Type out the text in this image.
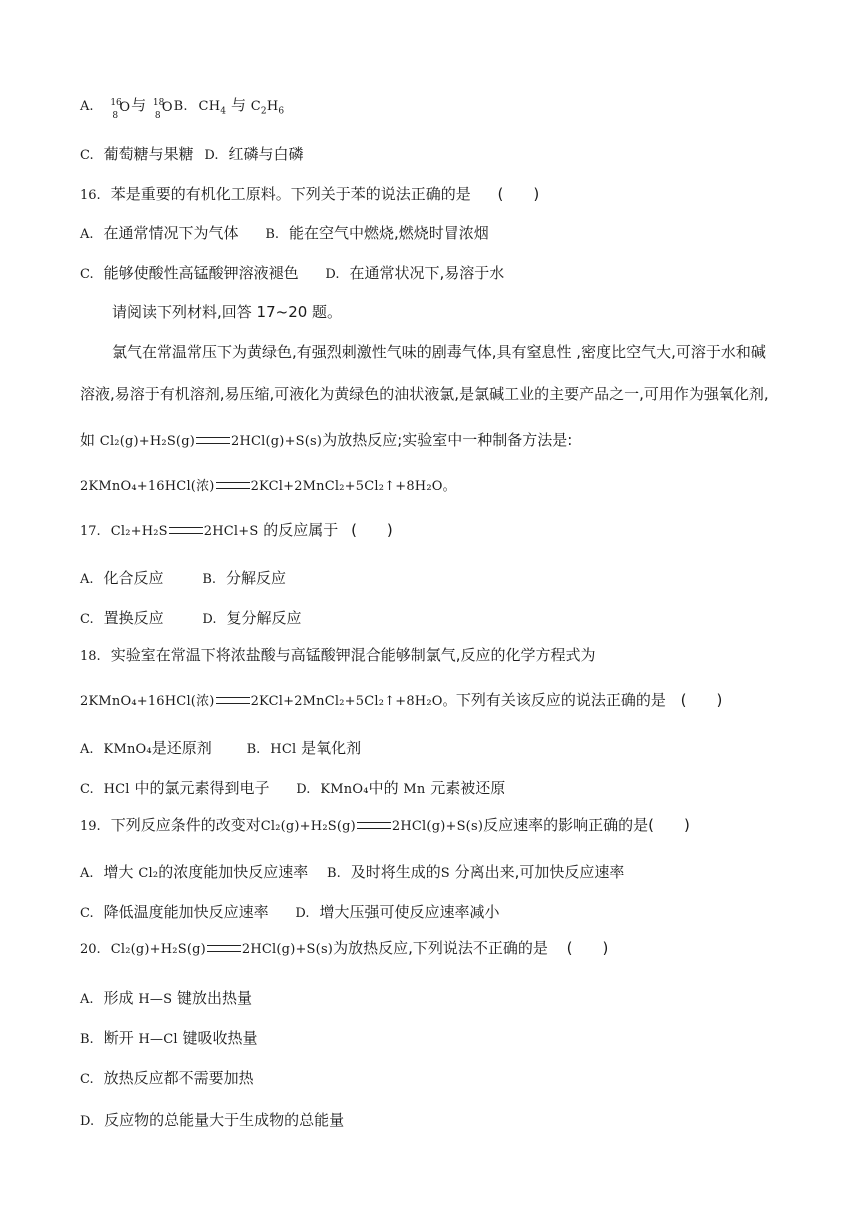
A. 16
8
O 与 18
8
O B. $CH_4$ 与 $C_2H_6$
C. 葡萄糖与果糖 D. 红磷与白磷
16. 苯是重要的有机化工原料。下列关于苯的说法正确的是 (　　)
A. 在通常情况下为气体 B. 能在空气中燃烧,燃烧时冒浓烟
C. 能够使酸性高锰酸钾溶液褪色 D. 在通常状况下,易溶于水
请阅读下列材料,回答 17~20 题。
氯气在常温常压下为黄绿色,有强烈刺激性气味的剧毒气体,具有窒息性 ,密度比空气大,可溶于水和碱
溶液,易溶于有机溶剂,易压缩,可液化为黄绿色的油状液氯,是氯碱工业的主要产品之一,可用作为强氧化剂,
如 Cl₂(g)+H₂S(g)	2HCl(g)+S(s)为放热反应;实验室中一种制备方法是:
2KMnO₄+16HCl(浓)	2KCl+2MnCl₂+5Cl₂↑+8H₂O。
17. Cl₂+H₂S	2HCl+S 的反应属于 (　　)
A. 化合反应	B. 分解反应
C. 置换反应	D. 复分解反应
18. 实验室在常温下将浓盐酸与高锰酸钾混合能够制氯气,反应的化学方程式为
2KMnO₄+16HCl(浓)	2KCl+2MnCl₂+5Cl₂↑+8H₂O。下列有关该反应的说法正确的是 (　　)
A. KMnO₄是还原剂	B. HCl 是氧化剂
C. HCl 中的氯元素得到电子 D. KMnO₄中的 Mn 元素被还原
19. 下列反应条件的改变对Cl₂(g)+H₂S(g)	2HCl(g)+S(s)反应速率的影响正确的是(　　)
A. 增大 Cl₂的浓度能加快反应速率 B. 及时将生成的S 分离出来,可加快反应速率
C. 降低温度能加快反应速率 D. 增大压强可使反应速率减小
20. Cl₂(g)+H₂S(g)	2HCl(g)+S(s)为放热反应,下列说法不正确的是 (　　)
A. 形成 H—S 键放出热量
B. 断开 H—Cl 键吸收热量
C. 放热反应都不需要加热
D. 反应物的总能量大于生成物的总能量
